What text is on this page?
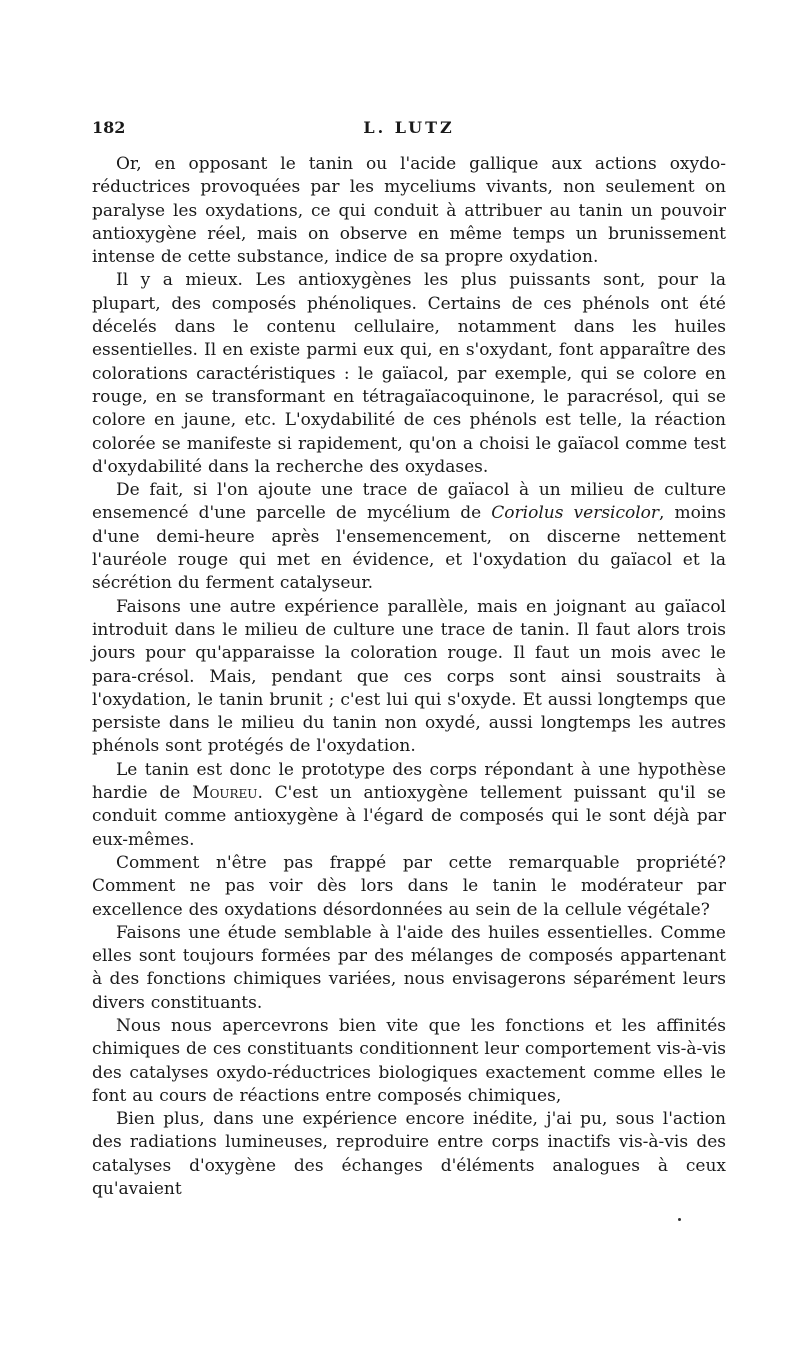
182	L. LUTZ

Or, en opposant le tanin ou l'acide gallique aux actions oxydo-réductrices provoquées par les myceliums vivants, non seulement on paralyse les oxydations, ce qui conduit à attribuer au tanin un pouvoir antioxygène réel, mais on observe en même temps un brunissement intense de cette substance, indice de sa propre oxydation.

Il y a mieux. Les antioxygènes les plus puissants sont, pour la plupart, des composés phénoliques. Certains de ces phénols ont été décelés dans le contenu cellulaire, notamment dans les huiles essentielles. Il en existe parmi eux qui, en s'oxydant, font apparaître des colorations caractéristiques : le gaïacol, par exemple, qui se colore en rouge, en se transformant en tétragaïacoquinone, le paracrésol, qui se colore en jaune, etc. L'oxydabilité de ces phénols est telle, la réaction colorée se manifeste si rapidement, qu'on a choisi le gaïacol comme test d'oxydabilité dans la recherche des oxydases.

De fait, si l'on ajoute une trace de gaïacol à un milieu de culture ensemencé d'une parcelle de mycélium de Coriolus versicolor, moins d'une demi-heure après l'ensemencement, on discerne nettement l'auréole rouge qui met en évidence, et l'oxydation du gaïacol et la sécrétion du ferment catalyseur.

Faisons une autre expérience parallèle, mais en joignant au gaïacol introduit dans le milieu de culture une trace de tanin. Il faut alors trois jours pour qu'apparaisse la coloration rouge. Il faut un mois avec le para-crésol. Mais, pendant que ces corps sont ainsi soustraits à l'oxydation, le tanin brunit ; c'est lui qui s'oxyde. Et aussi longtemps que persiste dans le milieu du tanin non oxydé, aussi longtemps les autres phénols sont protégés de l'oxydation.

Le tanin est donc le prototype des corps répondant à une hypothèse hardie de Moureu. C'est un antioxygène tellement puissant qu'il se conduit comme antioxygène à l'égard de composés qui le sont déjà par eux-mêmes.

Comment n'être pas frappé par cette remarquable propriété? Comment ne pas voir dès lors dans le tanin le modérateur par excellence des oxydations désordonnées au sein de la cellule végétale?

Faisons une étude semblable à l'aide des huiles essentielles. Comme elles sont toujours formées par des mélanges de composés appartenant à des fonctions chimiques variées, nous envisagerons séparément leurs divers constituants.

Nous nous apercevrons bien vite que les fonctions et les affinités chimiques de ces constituants conditionnent leur comportement vis-à-vis des catalyses oxydo-réductrices biologiques exactement comme elles le font au cours de réactions entre composés chimiques,

Bien plus, dans une expérience encore inédite, j'ai pu, sous l'action des radiations lumineuses, reproduire entre corps inactifs vis-à-vis des catalyses d'oxygène des échanges d'éléments analogues à ceux qu'avaient
